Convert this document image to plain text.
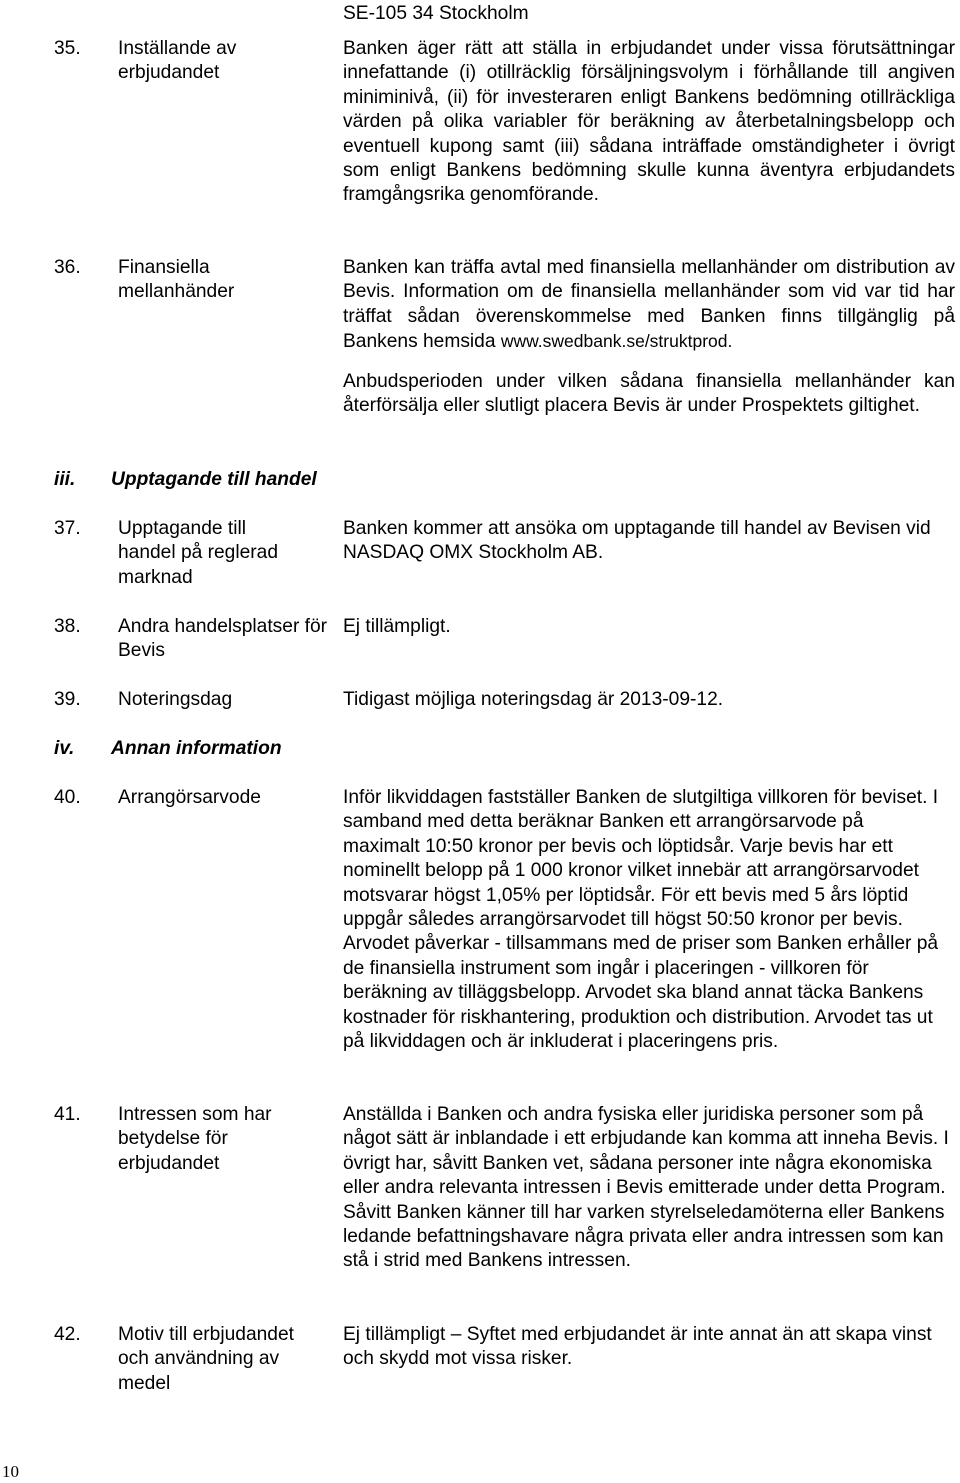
SE-105 34 Stockholm
35. Inställande av erbjudandet
Banken äger rätt att ställa in erbjudandet under vissa förutsättningar innefattande (i) otillräcklig försäljningsvolym i förhållande till angiven miniminivå, (ii) för investeraren enligt Bankens bedömning otillräckliga värden på olika variabler för beräkning av återbetalningsbelopp och eventuell kupong samt (iii) sådana inträffade omständigheter i övrigt som enligt Bankens bedömning skulle kunna äventyra erbjudandets framgångsrika genomförande.
36. Finansiella mellanhänder
Banken kan träffa avtal med finansiella mellanhänder om distribution av Bevis. Information om de finansiella mellanhänder som vid var tid har träffat sådan överenskommelse med Banken finns tillgänglig på Bankens hemsida www.swedbank.se/struktprod.
Anbudsperioden under vilken sådana finansiella mellanhänder kan återförsälja eller slutligt placera Bevis är under Prospektets giltighet.
iii. Upptagande till handel
37. Upptagande till handel på reglerad marknad
Banken kommer att ansöka om upptagande till handel av Bevisen vid NASDAQ OMX Stockholm AB.
38. Andra handelsplatser för Bevis
Ej tillämpligt.
39. Noteringsdag	Tidigast möjliga noteringsdag är 2013-09-12.
iv. Annan information
40. Arrangörsarvode	Inför likviddagen fastställer Banken de slutgiltiga villkoren för beviset. I samband med detta beräknar Banken ett arrangörsarvode på maximalt 10:50 kronor per bevis och löptidsår. Varje bevis har ett nominellt belopp på 1 000 kronor vilket innebär att arrangörsarvodet motsvarar högst 1,05% per löptidsår. För ett bevis med 5 års löptid uppgår således arrangörsarvodet till högst 50:50 kronor per bevis. Arvodet påverkar - tillsammans med de priser som Banken erhåller på de finansiella instrument som ingår i placeringen - villkoren för beräkning av tilläggsbelopp. Arvodet ska bland annat täcka Bankens kostnader för riskhantering, produktion och distribution. Arvodet tas ut på likviddagen och är inkluderat i placeringens pris.
41. Intressen som har betydelse för erbjudandet
Anställda i Banken och andra fysiska eller juridiska personer som på något sätt är inblandade i ett erbjudande kan komma att inneha Bevis. I övrigt har, såvitt Banken vet, sådana personer inte några ekonomiska eller andra relevanta intressen i Bevis emitterade under detta Program. Såvitt Banken känner till har varken styrelseledamöterna eller Bankens ledande befattningshavare några privata eller andra intressen som kan stå i strid med Bankens intressen.
42. Motiv till erbjudandet och användning av medel
Ej tillämpligt – Syftet med erbjudandet är inte annat än att skapa vinst och skydd mot vissa risker.
10
